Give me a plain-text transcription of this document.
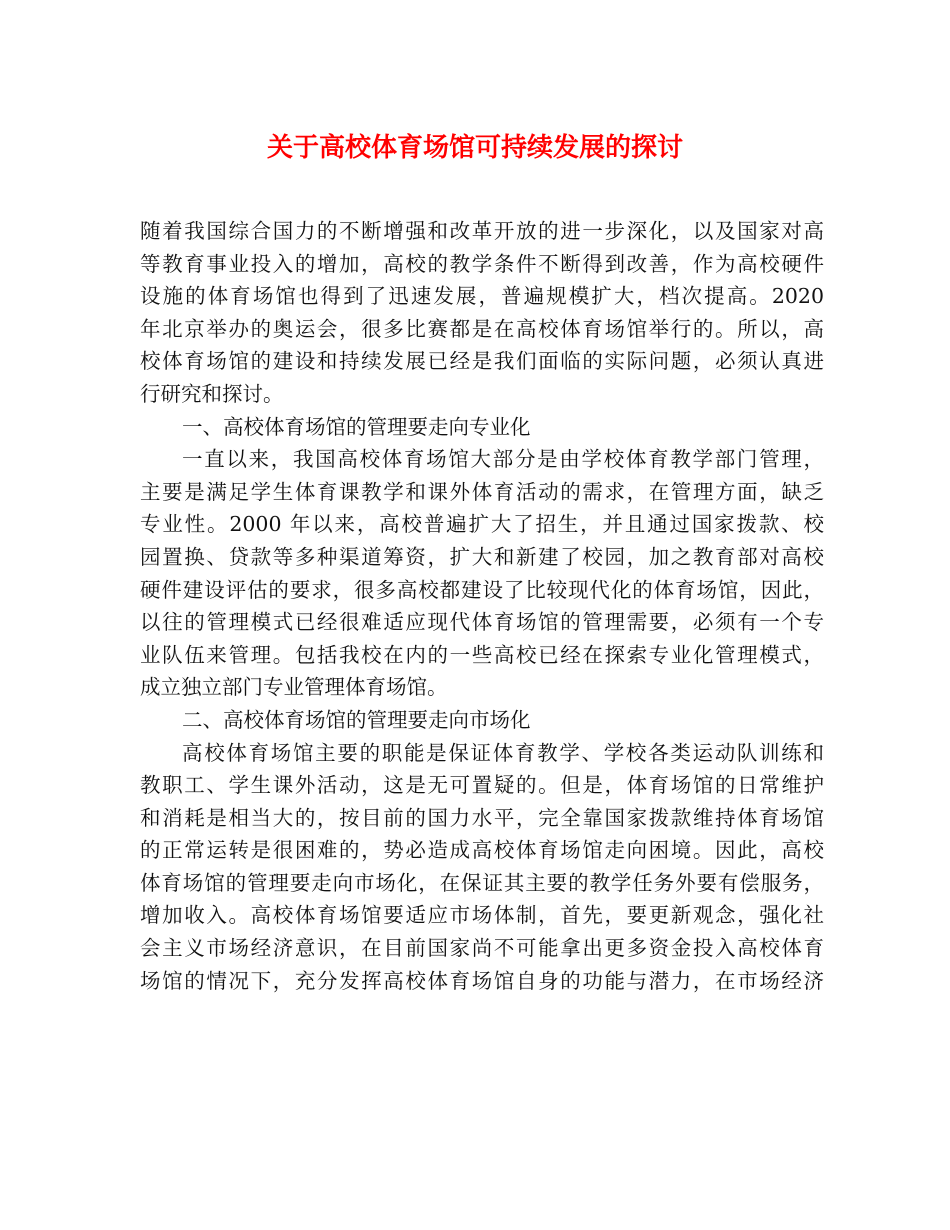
关于高校体育场馆可持续发展的探讨
随着我国综合国力的不断增强和改革开放的进一步深化，以及国家对高
等教育事业投入的增加，高校的教学条件不断得到改善，作为高校硬件
设施的体育场馆也得到了迅速发展，普遍规模扩大，档次提高。2020
年北京举办的奥运会，很多比赛都是在高校体育场馆举行的。所以，高
校体育场馆的建设和持续发展已经是我们面临的实际问题，必须认真进
行研究和探讨。
一、高校体育场馆的管理要走向专业化
一直以来，我国高校体育场馆大部分是由学校体育教学部门管理，
主要是满足学生体育课教学和课外体育活动的需求，在管理方面，缺乏
专业性。2000 年以来，高校普遍扩大了招生，并且通过国家拨款、校
园置换、贷款等多种渠道筹资，扩大和新建了校园，加之教育部对高校
硬件建设评估的要求，很多高校都建设了比较现代化的体育场馆，因此，
以往的管理模式已经很难适应现代体育场馆的管理需要，必须有一个专
业队伍来管理。包括我校在内的一些高校已经在探索专业化管理模式，
成立独立部门专业管理体育场馆。
二、高校体育场馆的管理要走向市场化
高校体育场馆主要的职能是保证体育教学、学校各类运动队训练和
教职工、学生课外活动，这是无可置疑的。但是，体育场馆的日常维护
和消耗是相当大的，按目前的国力水平，完全靠国家拨款维持体育场馆
的正常运转是很困难的，势必造成高校体育场馆走向困境。因此，高校
体育场馆的管理要走向市场化，在保证其主要的教学任务外要有偿服务，
增加收入。高校体育场馆要适应市场体制，首先，要更新观念，强化社
会主义市场经济意识，在目前国家尚不可能拿出更多资金投入高校体育
场馆的情况下，充分发挥高校体育场馆自身的功能与潜力，在市场经济
